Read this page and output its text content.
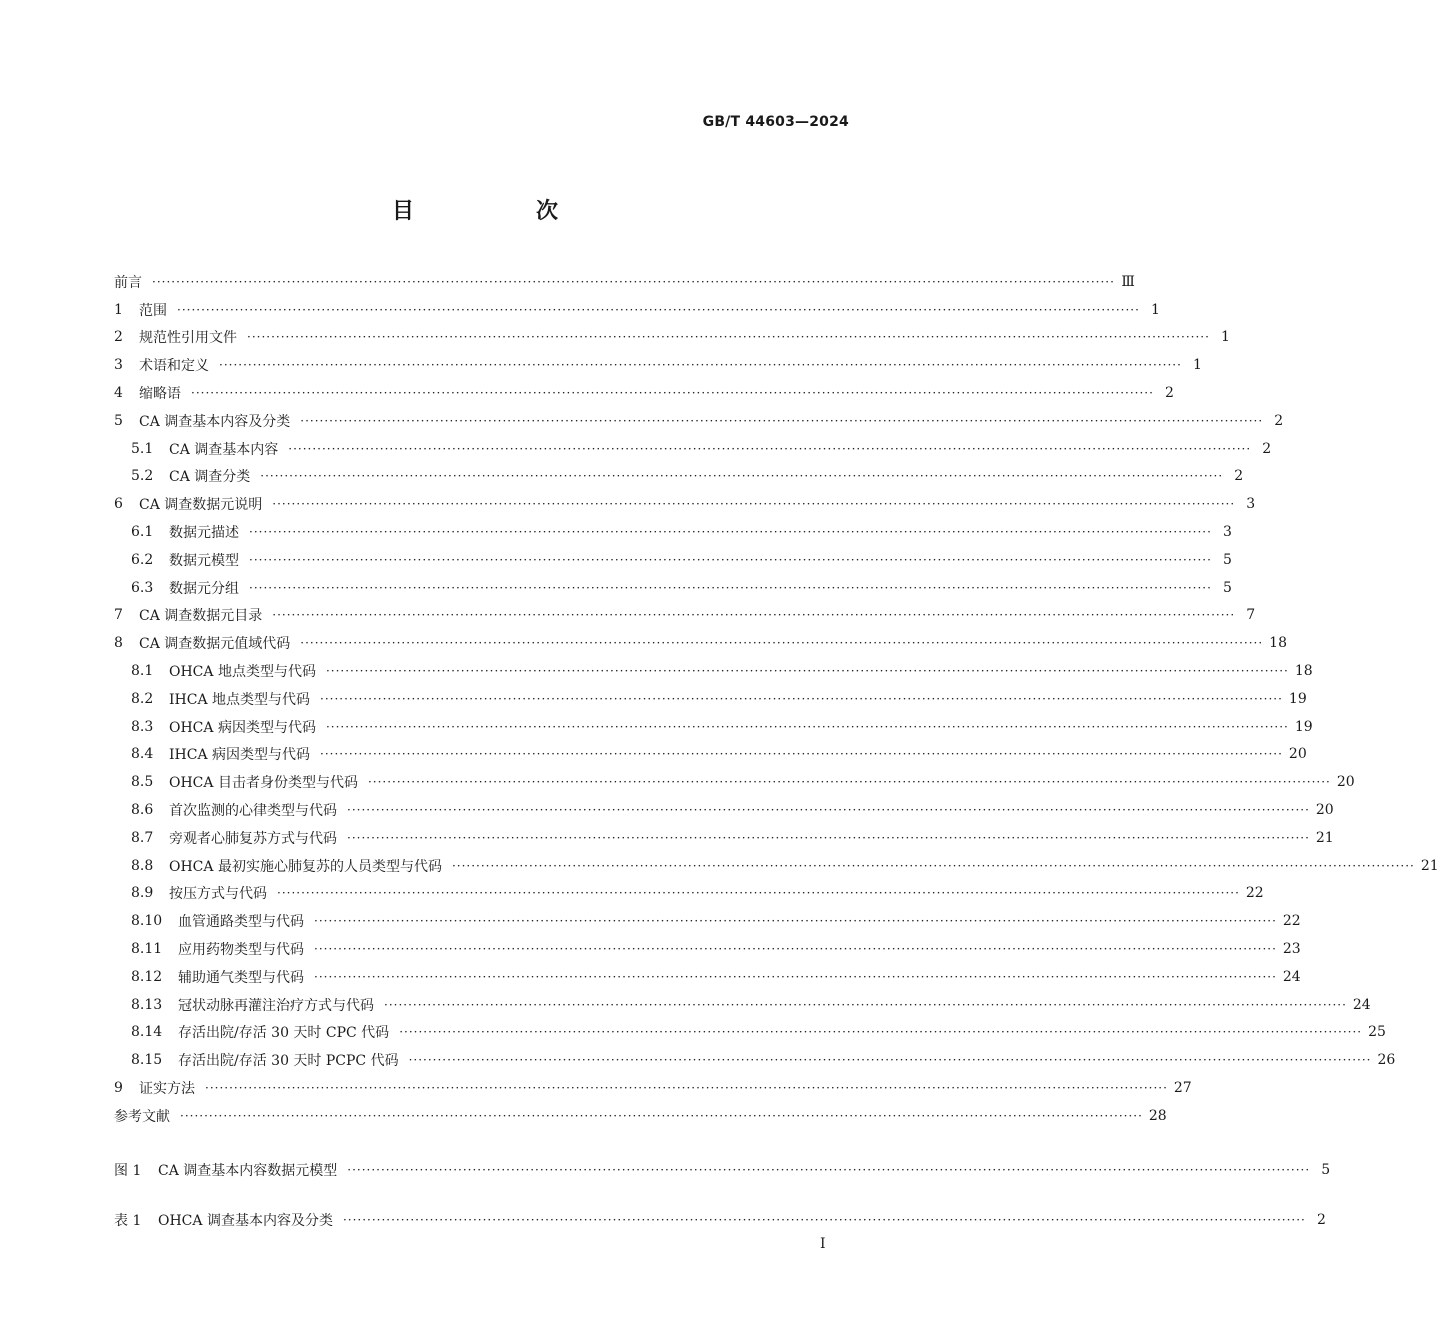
GB/T 44603—2024
目　次
前言 ········································································································································································································ Ⅲ
1	范围 ········································································································································································································ 1
2	规范性引用文件 ········································································································································································································ 1
3	术语和定义 ········································································································································································································ 1
4	缩略语 ········································································································································································································ 2
5	CA 调查基本内容及分类 ········································································································································································································ 2
5.1	CA 调查基本内容 ········································································································································································································ 2
5.2	CA 调查分类 ········································································································································································································ 2
6	CA 调查数据元说明 ········································································································································································································ 3
6.1	数据元描述 ········································································································································································································ 3
6.2	数据元模型 ········································································································································································································ 5
6.3	数据元分组 ········································································································································································································ 5
7	CA 调查数据元目录 ········································································································································································································ 7
8	CA 调查数据元值域代码 ········································································································································································································ 18
8.1	OHCA 地点类型与代码 ········································································································································································································ 18
8.2	IHCA 地点类型与代码 ········································································································································································································ 19
8.3	OHCA 病因类型与代码 ········································································································································································································ 19
8.4	IHCA 病因类型与代码 ········································································································································································································ 20
8.5	OHCA 目击者身份类型与代码 ········································································································································································································ 20
8.6	首次监测的心律类型与代码 ········································································································································································································ 20
8.7	旁观者心肺复苏方式与代码 ········································································································································································································ 21
8.8	OHCA 最初实施心肺复苏的人员类型与代码 ········································································································································································································ 21
8.9	按压方式与代码 ········································································································································································································ 22
8.10	血管通路类型与代码 ········································································································································································································ 22
8.11	应用药物类型与代码 ········································································································································································································ 23
8.12	辅助通气类型与代码 ········································································································································································································ 24
8.13	冠状动脉再灌注治疗方式与代码 ········································································································································································································ 24
8.14	存活出院/存活 30 天时 CPC 代码 ········································································································································································································ 25
8.15	存活出院/存活 30 天时 PCPC 代码 ········································································································································································································ 26
9	证实方法 ········································································································································································································ 27
参考文献 ········································································································································································································ 28
图 1	CA 调查基本内容数据元模型 ········································································································································································································ 5
表 1	OHCA 调查基本内容及分类 ········································································································································································································ 2
I
